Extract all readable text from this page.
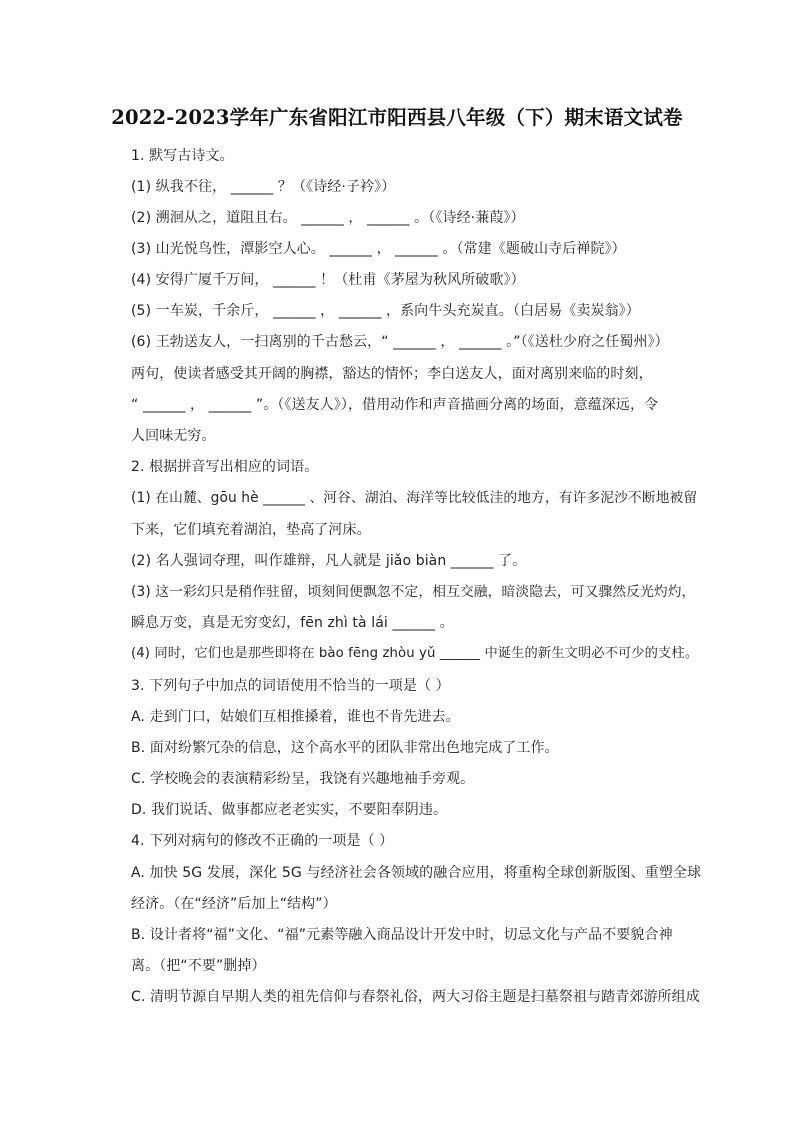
2022-2023学年广东省阳江市阳西县八年级（下）期末语文试卷
1. 默写古诗文。
(1) 纵我不往， ______ ？（《诗经·子衿》）
(2) 溯洄从之，道阻且右。 ______ ， ______ 。（《诗经·蒹葭》）
(3) 山光悦鸟性，潭影空人心。 ______ ， ______ 。（常建《题破山寺后禅院》）
(4) 安得广厦千万间， ______ ！（杜甫《茅屋为秋风所破歌》）
(5) 一车炭，千余斤， ______ ， ______ ，系向牛头充炭直。（白居易《卖炭翁》）
(6) 王勃送友人，一扫离别的千古愁云，“ ______ ， ______ 。”（《送杜少府之任蜀州》）
两句，使读者感受其开阔的胸襟，豁达的情怀；李白送友人，面对离别来临的时刻，
“ ______ ， ______ ”。（《送友人》），借用动作和声音描画分离的场面，意蕴深远，令
人回味无穷。
2. 根据拼音写出相应的词语。
(1) 在山麓、gōu hè ______ 、河谷、湖泊、海洋等比较低洼的地方，有许多泥沙不断地被留
下来，它们填充着湖泊，垫高了河床。
(2) 名人强词夺理，叫作雄辩，凡人就是 jiǎo biàn ______ 了。
(3) 这一彩幻只是稍作驻留，顷刻间便飘忽不定，相互交融，暗淡隐去，可又骤然反光灼灼，
瞬息万变，真是无穷变幻，fēn zhì tà lái ______ 。
(4) 同时，它们也是那些即将在 bào fēng zhòu yǔ ______ 中诞生的新生文明必不可少的支柱。
3. 下列句子中加点的词语使用不恰当的一项是（ ）
A. 走到门口，姑娘们互相推搡着，谁也不肯先进去。
B. 面对纷繁冗杂的信息，这个高水平的团队非常出色地完成了工作。
C. 学校晚会的表演精彩纷呈，我饶有兴趣地袖手旁观。
D. 我们说话、做事都应老老实实，不要阳奉阴违。
4. 下列对病句的修改不正确的一项是（ ）
A. 加快 5G 发展，深化 5G 与经济社会各领域的融合应用，将重构全球创新版图、重塑全球
经济。（在“经济”后加上“结构”）
B. 设计者将“福”文化、“福”元素等融入商品设计开发中时，切忌文化与产品不要貌合神
离。（把“不要”删掉）
C. 清明节源自早期人类的祖先信仰与春祭礼俗，两大习俗主题是扫墓祭祖与踏青郊游所组成
